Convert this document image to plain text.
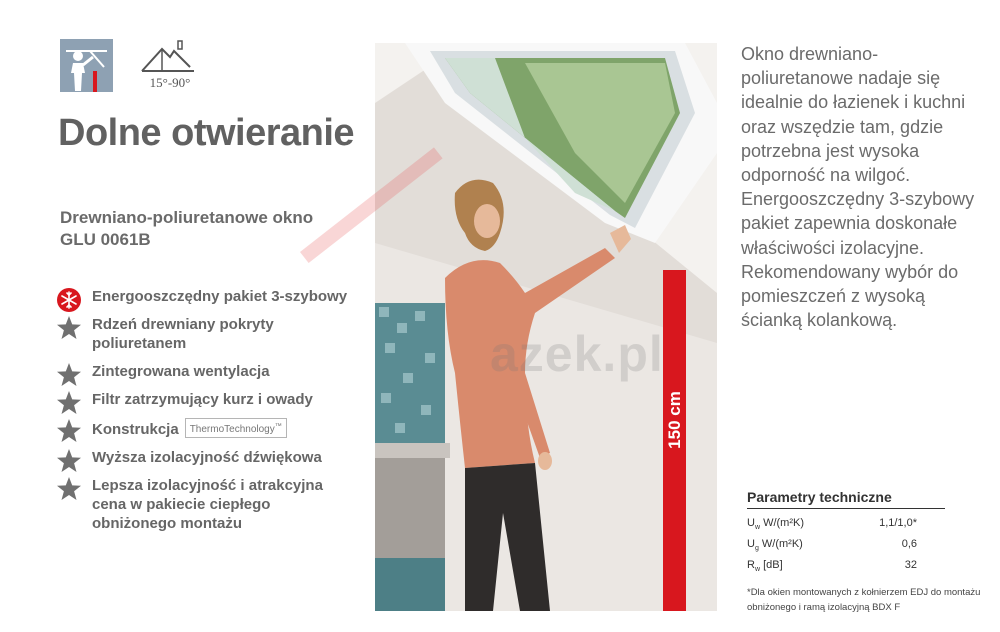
15°-90°
Dolne otwieranie
Drewniano-poliuretanowe okno GLU 0061B
Energooszczędny pakiet 3-szybowy
Rdzeń drewniany pokryty poliuretanem
Zintegrowana wentylacja
Filtr zatrzymujący kurz i owady
Konstrukcja ThermoTechnology™
Wyższa izolacyjność dźwiękowa
Lepsza izolacyjność i atrakcyjna cena w pakiecie ciepłego obniżonego montażu
150 cm

Okno drewniano-poliuretanowe nadaje się idealnie do łazienek i kuchni oraz wszędzie tam, gdzie potrzebna jest wysoka odporność na wilgoć. Energooszczędny 3-szybowy pakiet zapewnia doskonałe właściwości izolacyjne. Rekomendowany wybór do pomieszczeń z wysoką ścianką kolankową.

Parametry techniczne
$U_w$ W/(m²K)	1,1/1,0*
$U_g$ W/(m²K)	0,6
$R_w$ [dB]	32
*Dla okien montowanych z kołnierzem EDJ do montażu obniżonego i ramą izolacyjną BDX F
azek.pl
